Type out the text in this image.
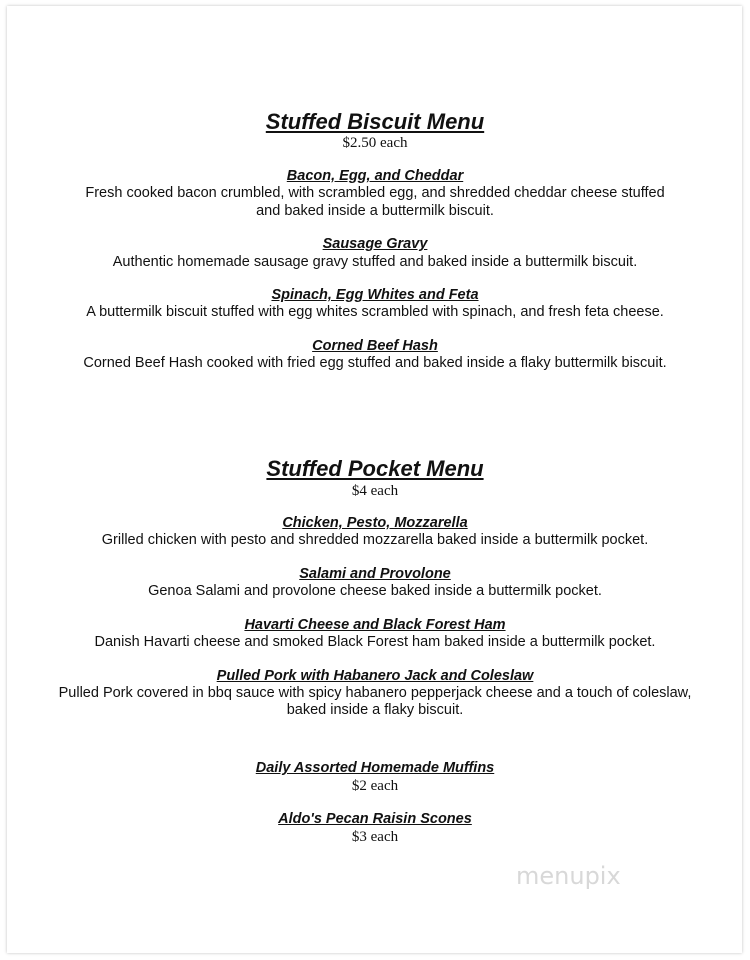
Stuffed Biscuit Menu
$2.50 each
Bacon, Egg, and Cheddar
Fresh cooked bacon crumbled, with scrambled egg, and shredded cheddar cheese stuffed
and baked inside a buttermilk biscuit.
Sausage Gravy
Authentic homemade sausage gravy stuffed and baked inside a buttermilk biscuit.
Spinach, Egg Whites and Feta
A buttermilk biscuit stuffed with egg whites scrambled with spinach, and fresh feta cheese.
Corned Beef Hash
Corned Beef Hash cooked with fried egg stuffed and baked inside a flaky buttermilk biscuit.
Stuffed Pocket Menu
$4 each
Chicken, Pesto, Mozzarella
Grilled chicken with pesto and shredded mozzarella baked inside a buttermilk pocket.
Salami and Provolone
Genoa Salami and provolone cheese baked inside a buttermilk pocket.
Havarti Cheese and Black Forest Ham
Danish Havarti cheese and smoked Black Forest ham baked inside a buttermilk pocket.
Pulled Pork with Habanero Jack and Coleslaw
Pulled Pork covered in bbq sauce with spicy habanero pepperjack cheese and a touch of coleslaw,
baked inside a flaky biscuit.
Daily Assorted Homemade Muffins
$2 each
Aldo's Pecan Raisin Scones
$3 each
menupix
